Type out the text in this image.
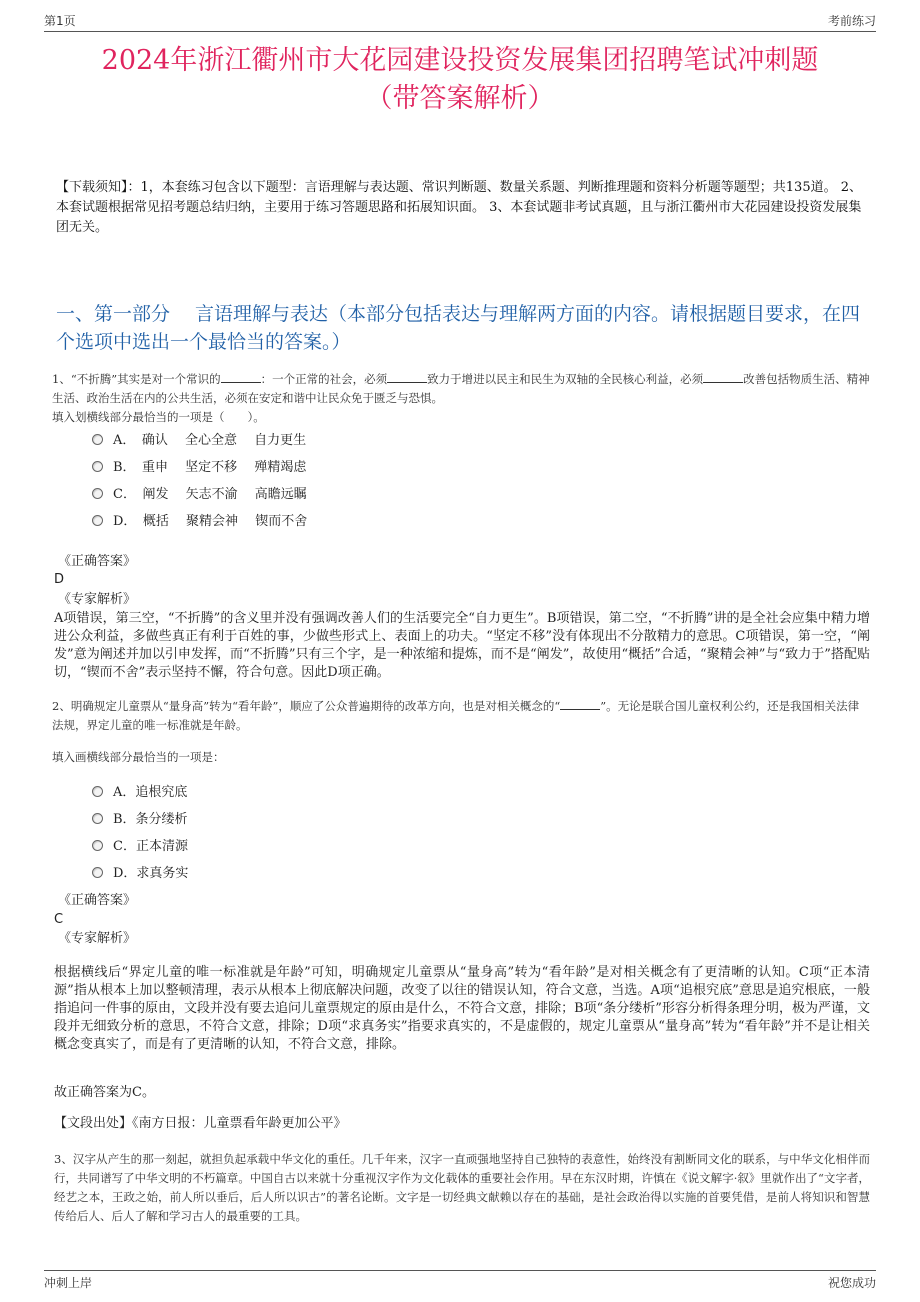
第1页	考前练习
2024年浙江衢州市大花园建设投资发展集团招聘笔试冲刺题
（带答案解析）
【下载须知】：1，本套练习包含以下题型：言语理解与表达题、常识判断题、数量关系题、判断推理题和资料分析题等题型；共135道。 2、本套试题根据常见招考题总结归纳，主要用于练习答题思路和拓展知识面。 3、本套试题非考试真题，且与浙江衢州市大花园建设投资发展集团无关。
一、第一部分　 言语理解与表达（本部分包括表达与理解两方面的内容。请根据题目要求，在四个选项中选出一个最恰当的答案。）
1、“不折腾”其实是对一个常识的	：一个正常的社会，必须	致力于增进以民主和民生为双轴的全民核心利益，必须	改善包括物质生活、精神生活、政治生活在内的公共生活，必须在安定和谐中让民众免于匮乏与恐惧。
填入划横线部分最恰当的一项是（　　）。
A．　确认　 全心全意　 自力更生
B．　重申　 坚定不移　 殚精竭虑
C．　阐发　 矢志不渝　 高瞻远瞩
D．　概括　 聚精会神　 锲而不舍
《正确答案》
D
《专家解析》
A项错误，第三空，“不折腾”的含义里并没有强调改善人们的生活要完全“自力更生”。B项错误，第二空，“不折腾”讲的是全社会应集中精力增进公众利益，多做些真正有利于百姓的事，少做些形式上、表面上的功夫。“坚定不移”没有体现出不分散精力的意思。C项错误，第一空，“阐发”意为阐述并加以引申发挥，而“不折腾”只有三个字，是一种浓缩和提炼，而不是“阐发”，故使用“概括”合适，“聚精会神”与“致力于”搭配贴切，“锲而不舍”表示坚持不懈，符合句意。因此D项正确。
2、明确规定儿童票从“量身高”转为“看年龄”，顺应了公众普遍期待的改革方向，也是对相关概念的“	”。无论是联合国儿童权利公约，还是我国相关法律法规，界定儿童的唯一标准就是年龄。
填入画横线部分最恰当的一项是：
A．追根究底
B．条分缕析
C．正本清源
D．求真务实
《正确答案》
C
《专家解析》
根据横线后“界定儿童的唯一标准就是年龄”可知，明确规定儿童票从“量身高”转为“看年龄”是对相关概念有了更清晰的认知。C项“正本清源”指从根本上加以整顿清理，表示从根本上彻底解决问题，改变了以往的错误认知，符合文意，当选。A项“追根究底”意思是追究根底，一般指追问一件事的原由，文段并没有要去追问儿童票规定的原由是什么，不符合文意，排除；B项“条分缕析”形容分析得条理分明，极为严谨，文段并无细致分析的意思，不符合文意，排除；D项“求真务实”指要求真实的，不是虚假的，规定儿童票从“量身高”转为“看年龄”并不是让相关概念变真实了，而是有了更清晰的认知，不符合文意，排除。
故正确答案为C。
【文段出处】《南方日报：儿童票看年龄更加公平》
3、汉字从产生的那一刻起，就担负起承载中华文化的重任。几千年来，汉字一直顽强地坚持自己独特的表意性，始终没有割断同文化的联系，与中华文化相伴而行，共同谱写了中华文明的不朽篇章。中国自古以来就十分重视汉字作为文化载体的重要社会作用。早在东汉时期，许慎在《说文解字·叙》里就作出了“文字者，经艺之本，王政之始，前人所以垂后，后人所以识古”的著名论断。文字是一切经典文献赖以存在的基础，是社会政治得以实施的首要凭借，是前人将知识和智慧传给后人、后人了解和学习古人的最重要的工具。
冲刺上岸	祝您成功
